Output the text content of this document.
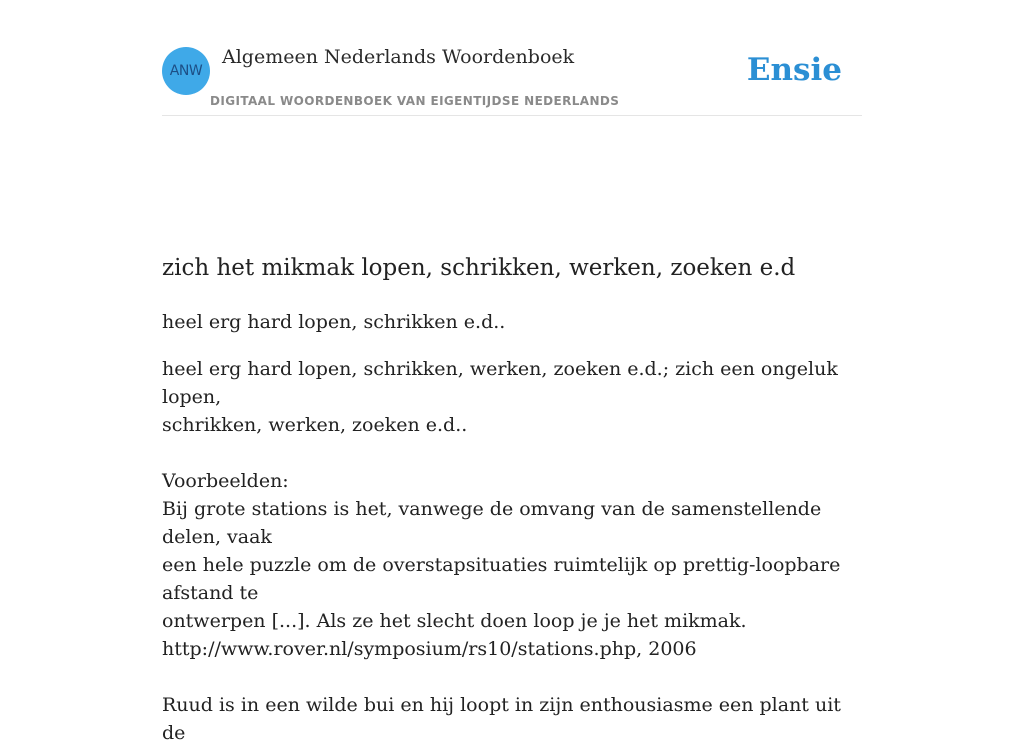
ANW
Algemeen Nederlands Woordenboek
DIGITAAL WOORDENBOEK VAN EIGENTIJDSE NEDERLANDS
Ensie
zich het mikmak lopen, schrikken, werken, zoeken e.d

heel erg hard lopen, schrikken e.d..

heel erg hard lopen, schrikken, werken, zoeken e.d.; zich een ongeluk lopen,

schrikken, werken, zoeken e.d..

Voorbeelden:

Bij grote stations is het, vanwege de omvang van de samenstellende delen, vaak

een hele puzzle om de overstapsituaties ruimtelijk op prettig-loopbare afstand te

ontwerpen [...]. Als ze het slecht doen loop je je het mikmak.

http://www.rover.nl/symposium/rs10/stations.php, 2006

Ruud is in een wilde bui en hij loopt in zijn enthousiasme een plant uit de
